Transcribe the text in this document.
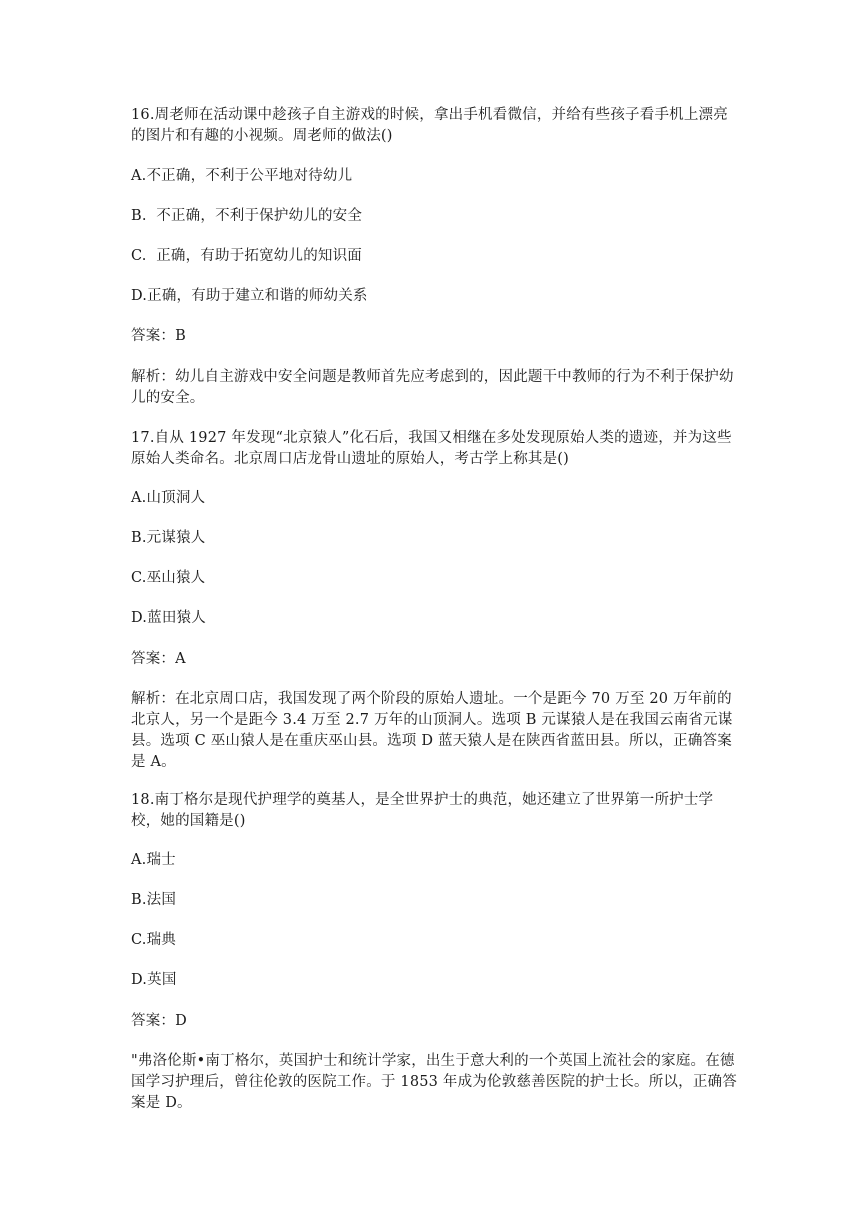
16.周老师在活动课中趁孩子自主游戏的时候，拿出手机看微信，并给有些孩子看手机上漂亮的图片和有趣的小视频。周老师的做法()
A.不正确，不利于公平地对待幼儿
B.  不正确，不利于保护幼儿的安全
C.  正确，有助于拓宽幼儿的知识面
D.正确，有助于建立和谐的师幼关系
答案：B
解析：幼儿自主游戏中安全问题是教师首先应考虑到的，因此题干中教师的行为不利于保护幼儿的安全。
17.自从 1927 年发现“北京猿人”化石后，我国又相继在多处发现原始人类的遗迹，并为这些原始人类命名。北京周口店龙骨山遗址的原始人，考古学上称其是()
A.山顶洞人
B.元谋猿人
C.巫山猿人
D.蓝田猿人
答案：A
解析：在北京周口店，我国发现了两个阶段的原始人遗址。一个是距今 70 万至 20 万年前的北京人，另一个是距今 3.4 万至 2.7 万年的山顶洞人。选项 B 元谋猿人是在我国云南省元谋县。选项 C 巫山猿人是在重庆巫山县。选项 D 蓝天猿人是在陕西省蓝田县。所以，正确答案是 A。
18.南丁格尔是现代护理学的奠基人，是全世界护士的典范，她还建立了世界第一所护士学校，她的国籍是()
A.瑞士
B.法国
C.瑞典
D.英国
答案：D
"弗洛伦斯•南丁格尔，英国护士和统计学家，出生于意大利的一个英国上流社会的家庭。在德国学习护理后，曾往伦敦的医院工作。于 1853 年成为伦敦慈善医院的护士长。所以，正确答案是 D。
